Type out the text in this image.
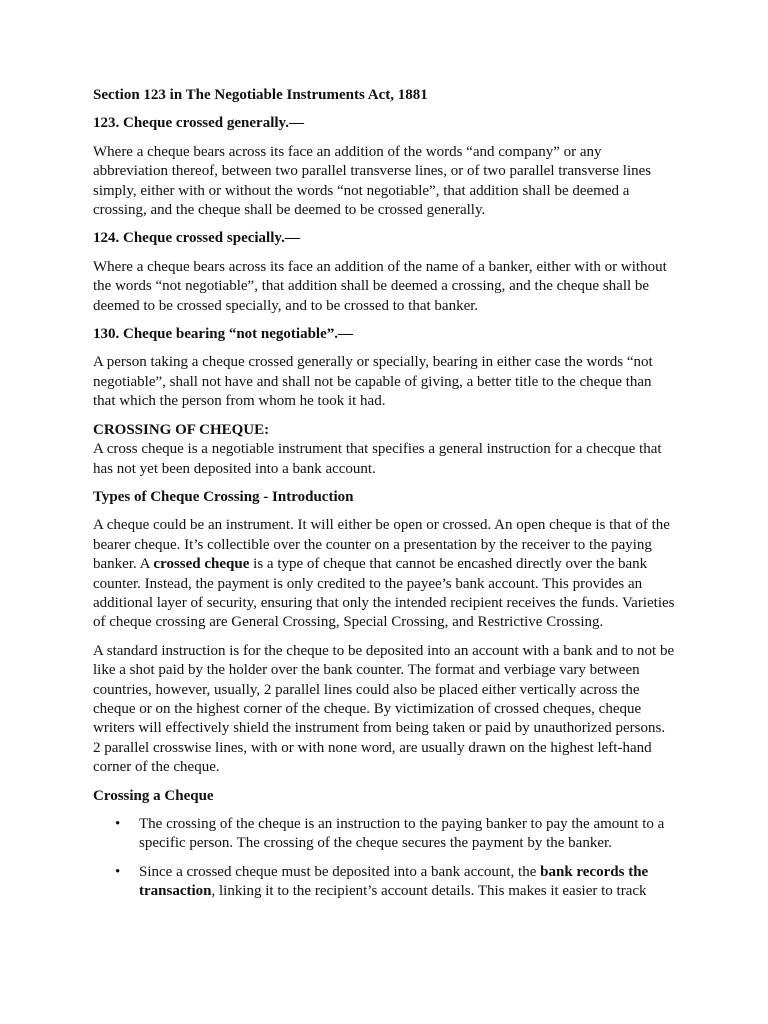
Section 123 in The Negotiable Instruments Act, 1881

123. Cheque crossed generally.—

Where a cheque bears across its face an addition of the words “and company” or any abbreviation thereof, between two parallel transverse lines, or of two parallel transverse lines simply, either with or without the words “not negotiable”, that addition shall be deemed a crossing, and the cheque shall be deemed to be crossed generally.

124. Cheque crossed specially.—

Where a cheque bears across its face an addition of the name of a banker, either with or without the words “not negotiable”, that addition shall be deemed a crossing, and the cheque shall be deemed to be crossed specially, and to be crossed to that banker.

130. Cheque bearing “not negotiable”.—

A person taking a cheque crossed generally or specially, bearing in either case the words “not negotiable”, shall not have and shall not be capable of giving, a better title to the cheque than that which the person from whom he took it had.

CROSSING OF CHEQUE:

A cross cheque is a negotiable instrument that specifies a general instruction for a checque that has not yet been deposited into a bank account.

Types of Cheque Crossing - Introduction

A cheque could be an instrument. It will either be open or crossed. An open cheque is that of the bearer cheque. It’s collectible over the counter on a presentation by the receiver to the paying banker. A crossed cheque is a type of cheque that cannot be encashed directly over the bank counter. Instead, the payment is only credited to the payee’s bank account. This provides an additional layer of security, ensuring that only the intended recipient receives the funds. Varieties of cheque crossing are General Crossing, Special Crossing, and Restrictive Crossing.

A standard instruction is for the cheque to be deposited into an account with a bank and to not be like a shot paid by the holder over the bank counter. The format and verbiage vary between countries, however, usually, 2 parallel lines could also be placed either vertically across the cheque or on the highest corner of the cheque. By victimization of crossed cheques, cheque writers will effectively shield the instrument from being taken or paid by unauthorized persons. 2 parallel crosswise lines, with or with none word, are usually drawn on the highest left-hand corner of the cheque.

Crossing a Cheque

• The crossing of the cheque is an instruction to the paying banker to pay the amount to a specific person. The crossing of the cheque secures the payment by the banker.
• Since a crossed cheque must be deposited into a bank account, the bank records the transaction, linking it to the recipient’s account details. This makes it easier to track
